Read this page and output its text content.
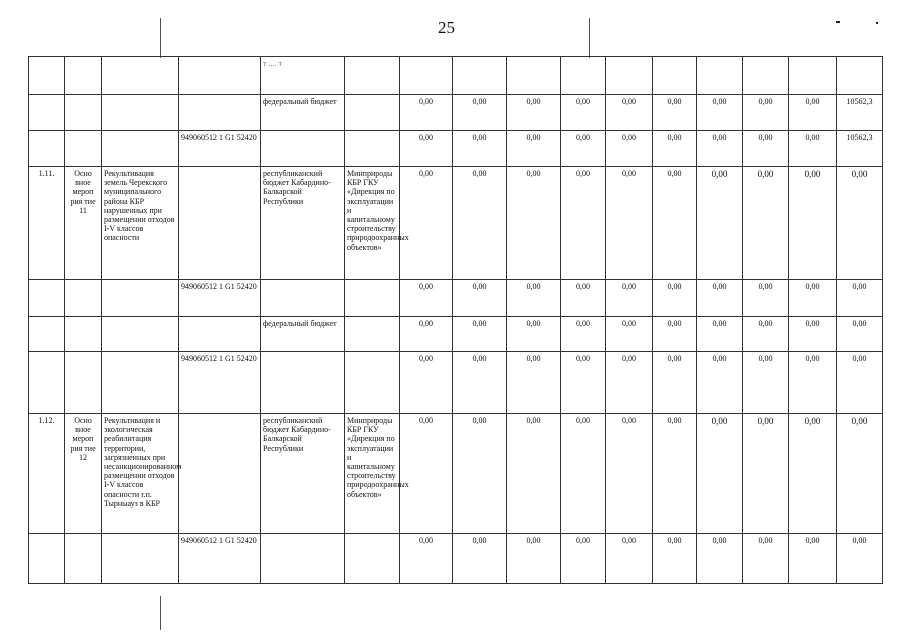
25
				т .... т												
				федеральный бюджет		0,00	0,00	0,00	0,00	0,00	0,00	0,00	0,00	0,00	10562,3	
			949060512 1 G1 52420			0,00	0,00	0,00	0,00	0,00	0,00	0,00	0,00	0,00	10562,3	
1.11.	Осно вное мероп рия тие 11	Рекультивация земель Черекского муниципального района КБР нарушенных при размещении отходов I-V классов опасности		республиканский бюджет Кабардино-Балкарской Республики	Минприроды КБР ГКУ «Дирекция по эксплуатации и капитальному строительству природоохранных объектов»	0,00	0,00	0,00	0,00	0,00	0,00	0,00	0,00	0,00	0,00	
			949060512 1 G1 52420			0,00	0,00	0,00	0,00	0,00	0,00	0,00	0,00	0,00	0,00	
				федеральный бюджет		0,00	0,00	0,00	0,00	0,00	0,00	0,00	0,00	0,00	0,00	
			949060512 1 G1 52420			0,00	0,00	0,00	0,00	0,00	0,00	0,00	0,00	0,00	0,00	
1.12.	Осно вное мероп рия тие 12	Рекультивация и экологическая реабилитация территории, загрязненных при несанкционированном размещении отходов I-V классов опасности г.п. Тырныауз в КБР		республиканский бюджет Кабардино-Балкарской Республики	Минприроды КБР ГКУ «Дирекция по эксплуатации и капитальному строительству природоохранных объектов»	0,00	0,00	0,00	0,00	0,00	0,00	0,00	0,00	0,00	0,00	
			949060512 1 G1 52420			0,00	0,00	0,00	0,00	0,00	0,00	0,00	0,00	0,00	0,00	
